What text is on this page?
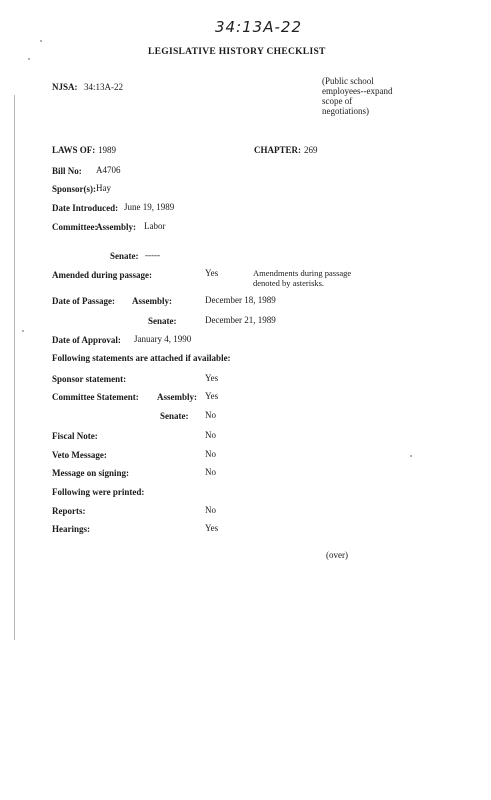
34:13A-22
LEGISLATIVE HISTORY CHECKLIST
NJSA: 34:13A-22
(Public school employees--expand scope of negotiations)
LAWS OF: 1989	CHAPTER: 269
Bill No: A4706
Sponsor(s): Hay
Date Introduced: June 19, 1989
Committee:
Assembly: Labor
Senate: -----
Amended during passage:	Yes	Amendments during passage denoted by asterisks.
Date of Passage: Assembly:	December 18, 1989
Senate:	December 21, 1989
Date of Approval: January 4, 1990
Following statements are attached if available:
Sponsor statement:	Yes
Committee Statement: Assembly: Yes
Senate: No
Fiscal Note:	No
Veto Message:	No
Message on signing:	No
Following were printed:
Reports:	No
Hearings:	Yes
(over)
